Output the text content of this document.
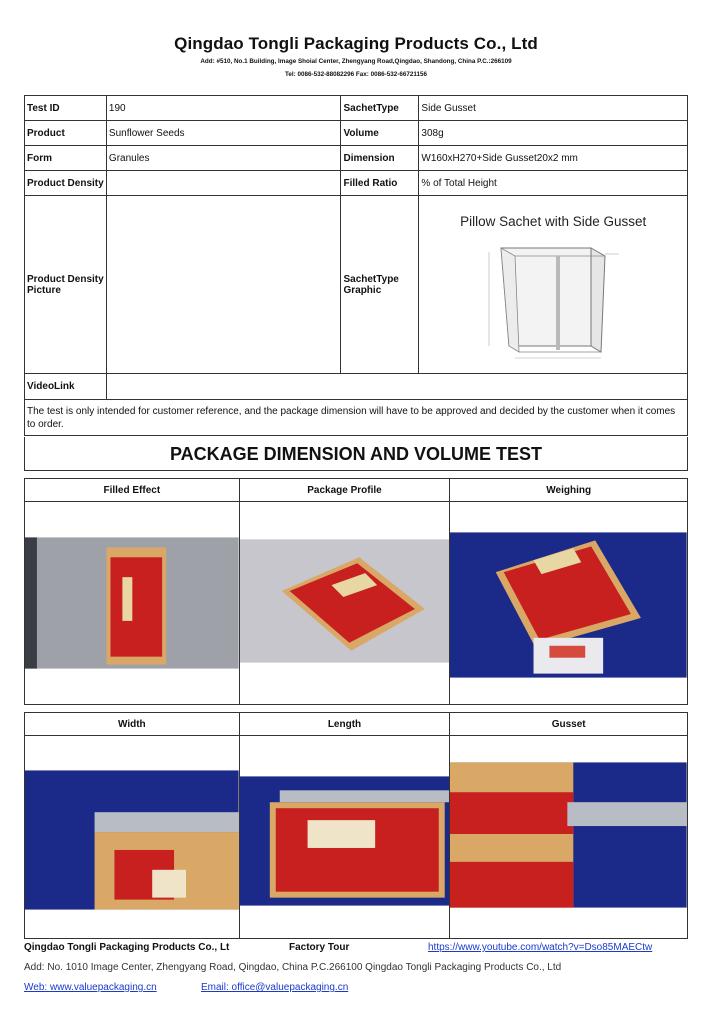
Qingdao Tongli Packaging Products Co., Ltd
Add: #510, No.1 Building, Image Shoial Center, Zhengyang Road,Qingdao, Shandong, China P.C.:266109
Tel: 0086-532-88082296 Fax: 0086-532-66721156
Test ID	190	SachetType	Side Gusset
Product	Sunflower Seeds	Volume	308g
Form	Granules	Dimension	W160xH270+Side Gusset20x2 mm
Product Density		Filled Ratio	% of Total Height
Product Density Picture		SachetType Graphic	Pillow Sachet with Side Gusset

VideoLink			
The test is only intended for customer reference, and the package dimension will have to be approved and decided by the customer when it comes to order.			
PACKAGE DIMENSION AND VOLUME TEST
Filled Effect	Package Profile	Weighing

Width	Length	Gusset

Qingdao Tongli Packaging Products Co., Lt	Factory Tour	https://www.youtube.com/watch?v=Dso85MAECtw
Add: No. 1010 Image Center, Zhengyang Road, Qingdao, China P.C.266100 Qingdao Tongli Packaging Products Co., Ltd
Web: www.valuepackaging.cn	Email: office@valuepackaging.cn
